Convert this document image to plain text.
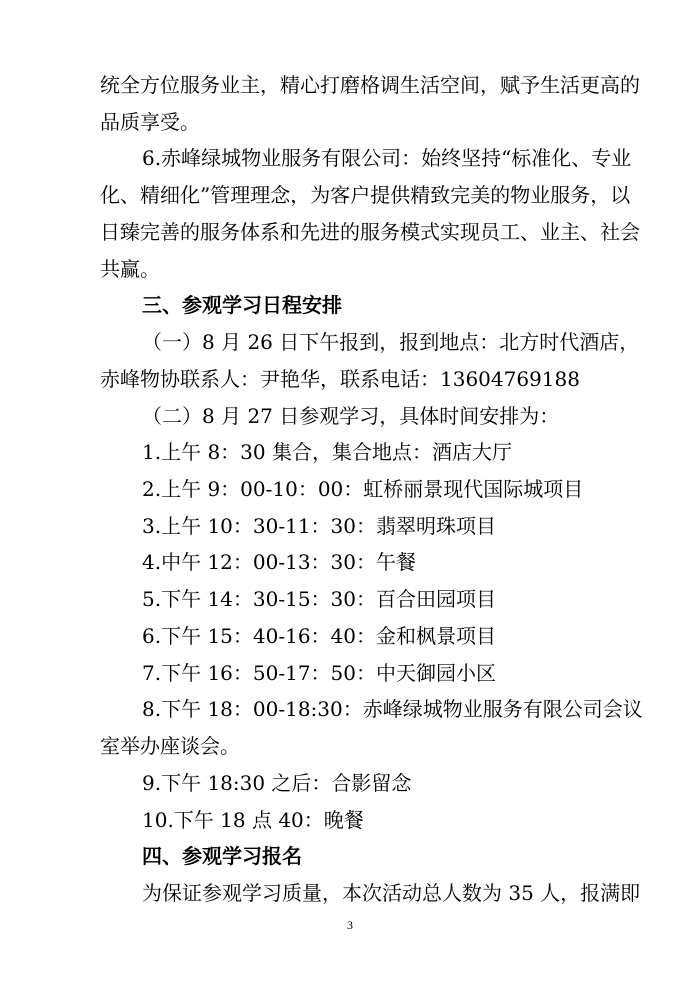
统全方位服务业主，精心打磨格调生活空间，赋予生活更高的
品质享受。
6.赤峰绿城物业服务有限公司：始终坚持“标准化、专业
化、精细化”管理理念，为客户提供精致完美的物业服务，以
日臻完善的服务体系和先进的服务模式实现员工、业主、社会
共赢。
三、参观学习日程安排
（一）8 月 26 日下午报到，报到地点：北方时代酒店，
赤峰物协联系人：尹艳华，联系电话：13604769188
（二）8 月 27 日参观学习，具体时间安排为：
1.上午 8：30 集合，集合地点：酒店大厅
2.上午 9：00-10：00：虹桥丽景现代国际城项目
3.上午 10：30-11：30：翡翠明珠项目
4.中午 12：00-13：30：午餐
5.下午 14：30-15：30：百合田园项目
6.下午 15：40-16：40：金和枫景项目
7.下午 16：50-17：50：中天御园小区
8.下午 18：00-18:30：赤峰绿城物业服务有限公司会议
室举办座谈会。
9.下午 18:30 之后：合影留念
10.下午 18 点 40：晚餐
四、参观学习报名
为保证参观学习质量，本次活动总人数为 35 人，报满即
3
